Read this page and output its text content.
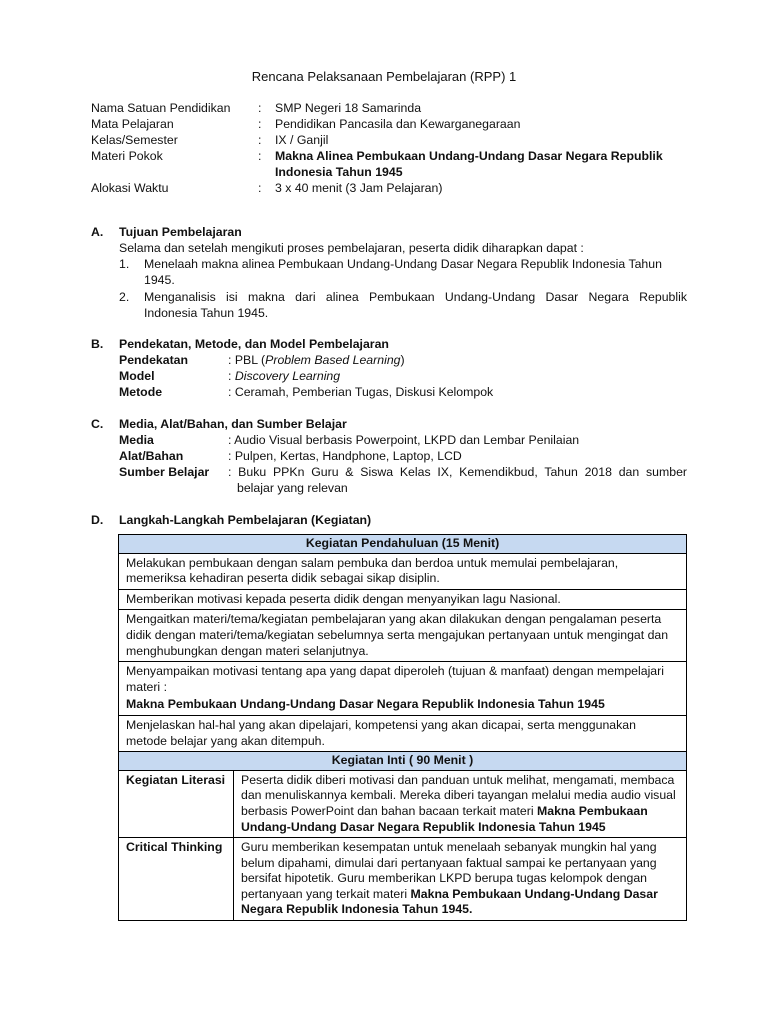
Rencana Pelaksanaan Pembelajaran (RPP) 1
Nama Satuan Pendidikan : SMP Negeri 18 Samarinda
Mata Pelajaran	: Pendidikan Pancasila dan Kewarganegaraan
Kelas/Semester	: IX / Ganjil
Materi Pokok	: Makna Alinea Pembukaan Undang-Undang Dasar Negara Republik Indonesia Tahun 1945
Alokasi Waktu	: 3 x 40 menit (3 Jam Pelajaran)
A. Tujuan Pembelajaran
Selama dan setelah mengikuti proses pembelajaran, peserta didik diharapkan dapat :
1. Menelaah makna alinea Pembukaan Undang-Undang Dasar Negara Republik Indonesia Tahun
1945.
2. Menganalisis isi makna dari alinea Pembukaan Undang-Undang Dasar Negara Republik
Indonesia Tahun 1945.
B. Pendekatan, Metode, dan Model Pembelajaran
Pendekatan	: PBL (Problem Based Learning)
Model	: Discovery Learning
Metode	: Ceramah, Pemberian Tugas, Diskusi Kelompok
C. Media, Alat/Bahan, dan Sumber Belajar
Media	: Audio Visual berbasis Powerpoint, LKPD dan Lembar Penilaian
Alat/Bahan	: Pulpen, Kertas, Handphone, Laptop, LCD
Sumber Belajar : Buku PPKn Guru & Siswa Kelas IX, Kemendikbud, Tahun 2018 dan sumber
belajar yang relevan
D. Langkah-Langkah Pembelajaran (Kegiatan)
Kegiatan Pendahuluan (15 Menit)	
Melakukan pembukaan dengan salam pembuka dan berdoa untuk memulai pembelajaran, memeriksa kehadiran peserta didik sebagai sikap disiplin.	
Memberikan motivasi kepada peserta didik dengan menyanyikan lagu Nasional.	
Mengaitkan materi/tema/kegiatan pembelajaran yang akan dilakukan dengan pengalaman peserta didik dengan materi/tema/kegiatan sebelumnya serta mengajukan pertanyaan untuk mengingat dan menghubungkan dengan materi selanjutnya.	

Menyampaikan motivasi tentang apa yang dapat diperoleh (tujuan & manfaat) dengan mempelajari materi :
Makna Pembukaan Undang-Undang Dasar Negara Republik Indonesia Tahun 1945	

Menjelaskan hal-hal yang akan dipelajari, kompetensi yang akan dicapai, serta menggunakan metode belajar yang akan ditempuh.	
Kegiatan Inti ( 90 Menit )	
Kegiatan Literasi	Peserta didik diberi motivasi dan panduan untuk melihat, mengamati, membaca dan menuliskannya kembali. Mereka diberi tayangan melalui media audio visual berbasis PowerPoint dan bahan bacaan terkait materi Makna Pembukaan Undang-Undang Dasar Negara Republik Indonesia Tahun 1945
Critical Thinking	Guru memberikan kesempatan untuk menelaah sebanyak mungkin hal yang belum dipahami, dimulai dari pertanyaan faktual sampai ke pertanyaan yang bersifat hipotetik. Guru memberikan LKPD berupa tugas kelompok dengan pertanyaan yang terkait materi Makna Pembukaan Undang-Undang Dasar Negara Republik Indonesia Tahun 1945.
